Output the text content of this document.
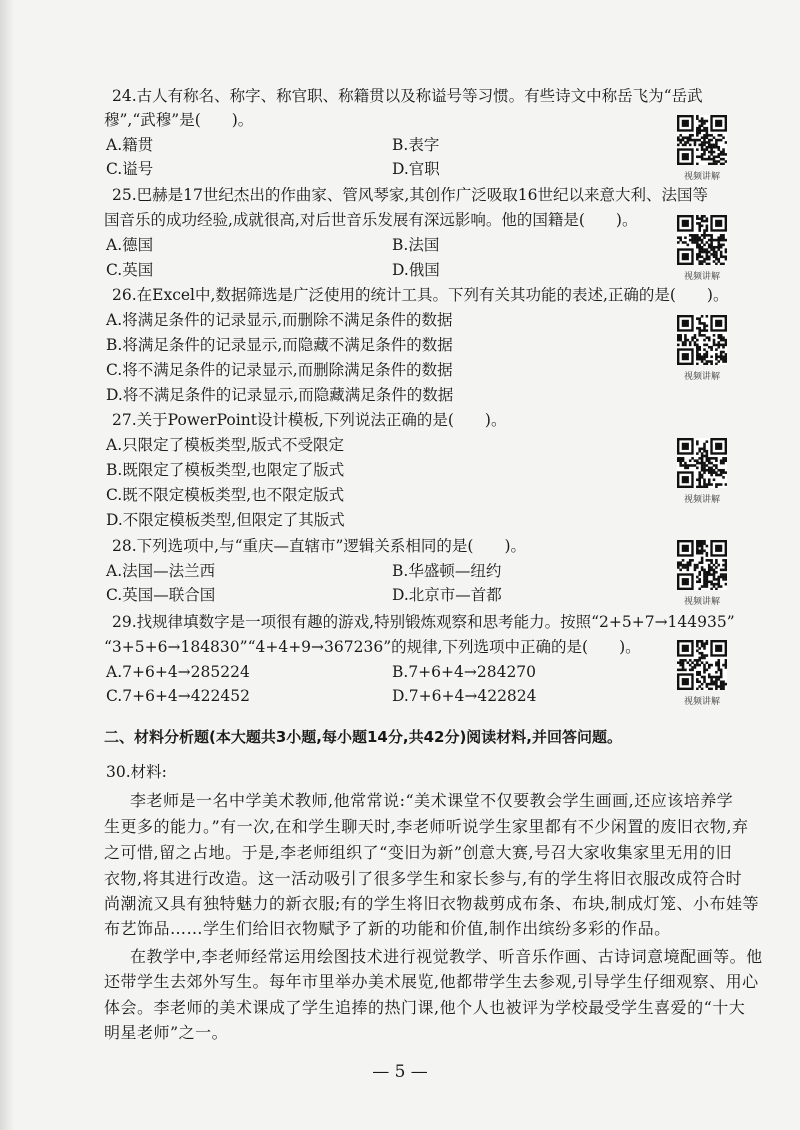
24.古人有称名、称字、称官职、称籍贯以及称谥号等习惯。有些诗文中称岳飞为“岳武
穆”,“武穆”是(　　)。
A.籍贯	B.表字
C.谥号	D.官职	视频讲解
25.巴赫是17世纪杰出的作曲家、管风琴家,其创作广泛吸取16世纪以来意大利、法国等
国音乐的成功经验,成就很高,对后世音乐发展有深远影响。他的国籍是(　　)。
A.德国	B.法国
C.英国	D.俄国	视频讲解
26.在Excel中,数据筛选是广泛使用的统计工具。下列有关其功能的表述,正确的是(　　)。
A.将满足条件的记录显示,而删除不满足条件的数据
B.将满足条件的记录显示,而隐藏不满足条件的数据
C.将不满足条件的记录显示,而删除满足条件的数据
D.将不满足条件的记录显示,而隐藏满足条件的数据
视频讲解
27.关于PowerPoint设计模板,下列说法正确的是(　　)。
A.只限定了模板类型,版式不受限定
B.既限定了模板类型,也限定了版式
C.既不限定模板类型,也不限定版式
D.不限定模板类型,但限定了其版式
视频讲解
28.下列选项中,与“重庆—直辖市”逻辑关系相同的是(　　)。
A.法国—法兰西	B.华盛顿—纽约
C.英国—联合国	D.北京市—首都	视频讲解
29.找规律填数字是一项很有趣的游戏,特别锻炼观察和思考能力。按照“2+5+7→144935”
“3+5+6→184830”“4+4+9→367236”的规律,下列选项中正确的是(　　)。
A.7+6+4→285224	B.7+6+4→284270
C.7+6+4→422452	D.7+6+4→422824	视频讲解
二、材料分析题(本大题共3小题,每小题14分,共42分)阅读材料,并回答问题。
30.材料:
李老师是一名中学美术教师,他常常说:“美术课堂不仅要教会学生画画,还应该培养学
生更多的能力。”有一次,在和学生聊天时,李老师听说学生家里都有不少闲置的废旧衣物,弃
之可惜,留之占地。于是,李老师组织了“变旧为新”创意大赛,号召大家收集家里无用的旧
衣物,将其进行改造。这一活动吸引了很多学生和家长参与,有的学生将旧衣服改成符合时
尚潮流又具有独特魅力的新衣服;有的学生将旧衣物裁剪成布条、布块,制成灯笼、小布娃等
布艺饰品……学生们给旧衣物赋予了新的功能和价值,制作出缤纷多彩的作品。
在教学中,李老师经常运用绘图技术进行视觉教学、听音乐作画、古诗词意境配画等。他
还带学生去郊外写生。每年市里举办美术展览,他都带学生去参观,引导学生仔细观察、用心
体会。李老师的美术课成了学生追捧的热门课,他个人也被评为学校最受学生喜爱的“十大
明星老师”之一。
— 5 —
